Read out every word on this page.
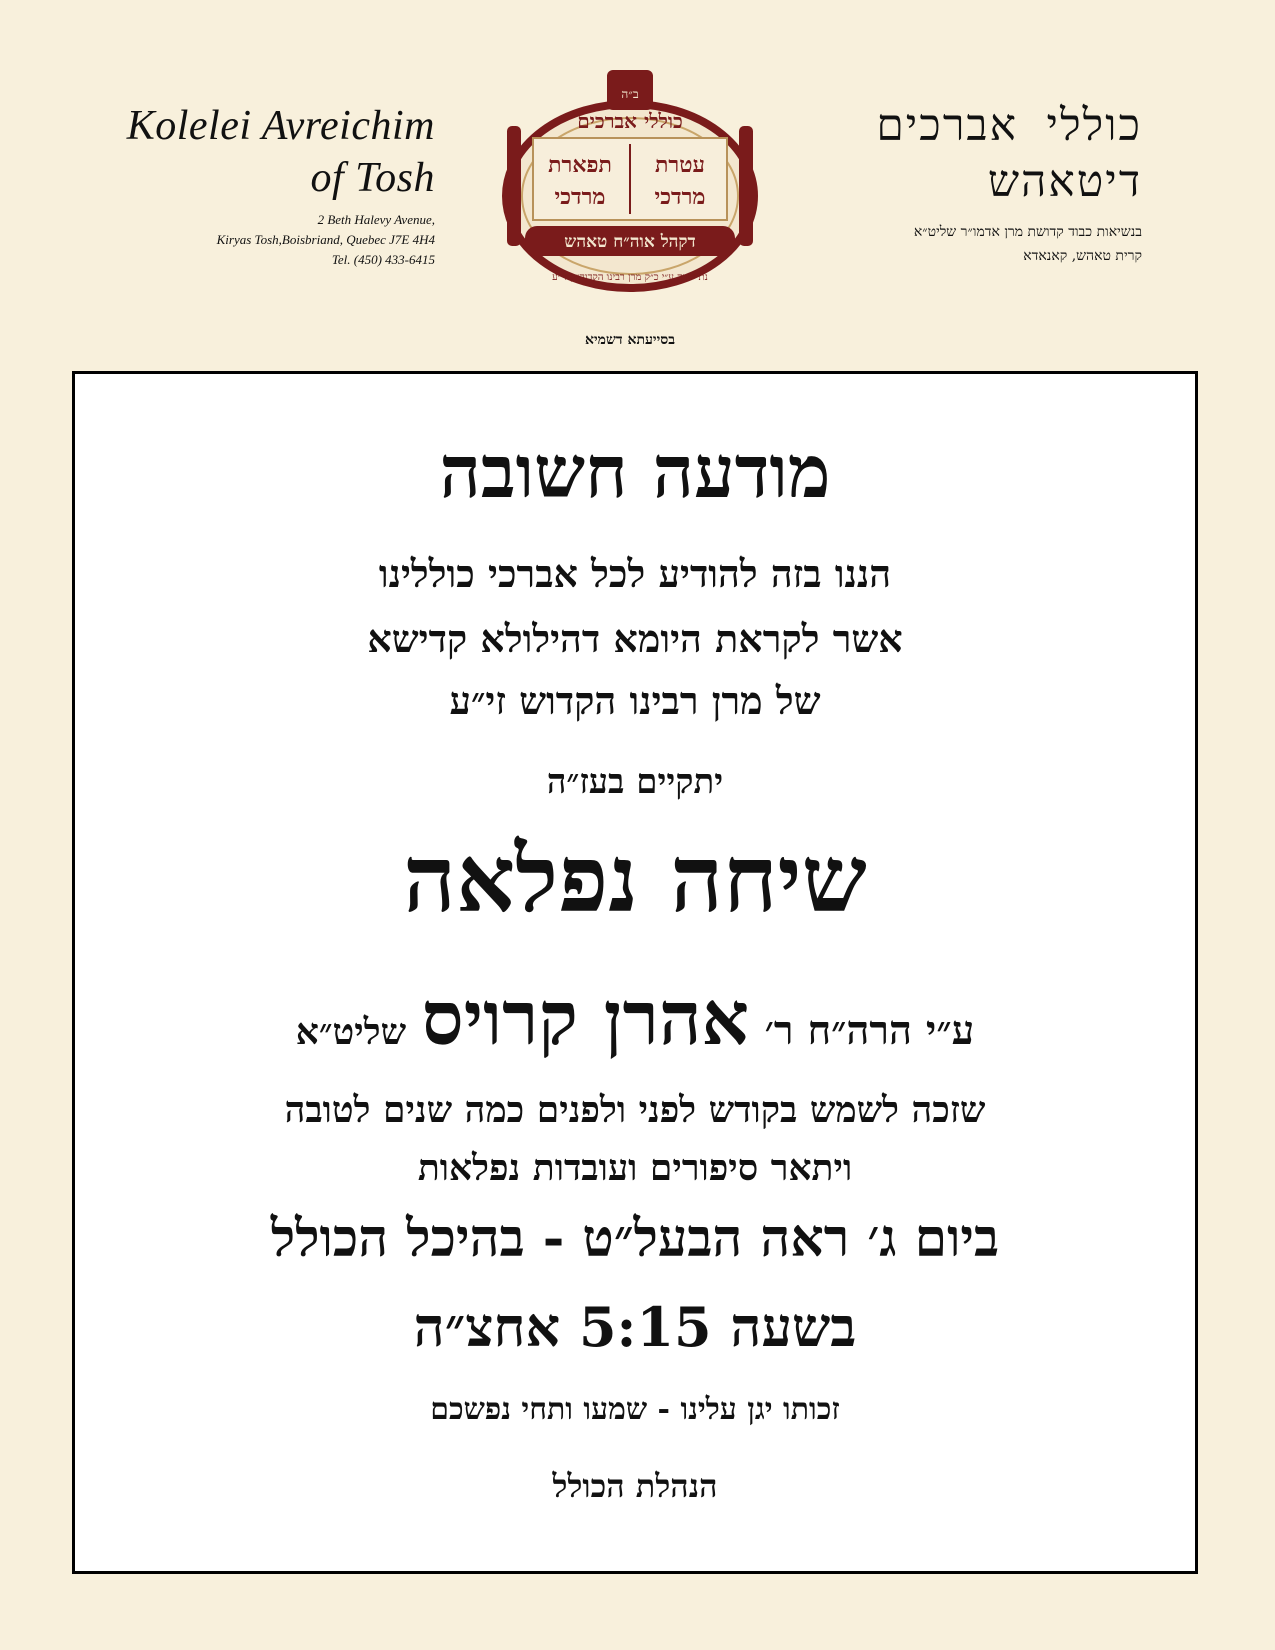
Kolelei Avreichim
of Tosh
2 Beth Halevy Avenue,
Kiryas Tosh,Boisbriand, Quebec J7E 4H4
Tel. (450) 433-6415
ב״ה
כוללי אברכים
עטרת
מרדכי
תפארת
מרדכי
דקהל אוה״ח טאהש
נתייסדה ע״י כ״ק מרן רבינו הקדוה״ק זי״ע
כוללי אברכים
דיטאהש
בנשיאות כבוד קדושת מרן אדמו״ר שליט״א
קרית טאהש, קאנאדא
בסייעתא דשמיא
מודעה חשובה
הננו בזה להודיע לכל אברכי כוללינו
אשר לקראת היומא דהילולא קדישא
של מרן רבינו הקדוש זי״ע
יתקיים בעז״ה
שיחה נפלאה
ע״י הרה״ח ר׳ אהרן קרויס שליט״א
שזכה לשמש בקודש לפני ולפנים כמה שנים לטובה
ויתאר סיפורים ועובדות נפלאות
ביום ג׳ ראה הבעל״ט - בהיכל הכולל
בשעה 5:15 אחצ״ה
זכותו יגן עלינו - שמעו ותחי נפשכם
הנהלת הכולל
